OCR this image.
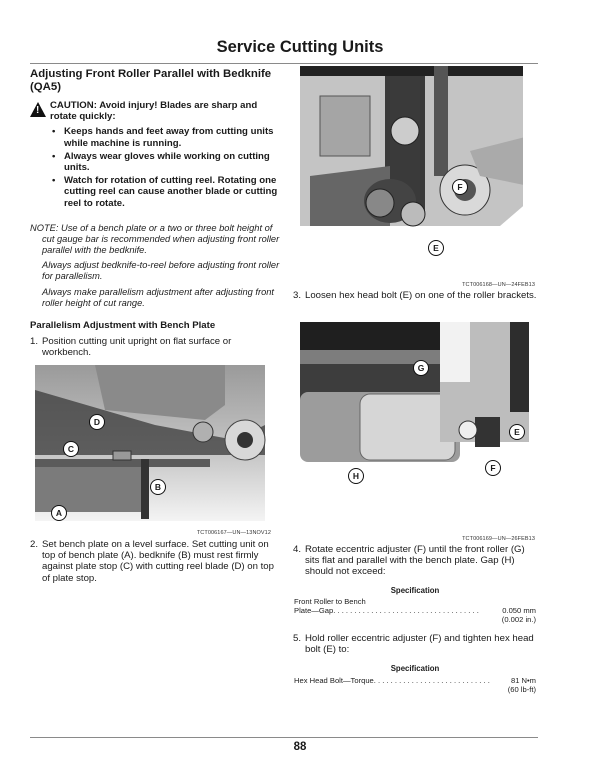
Service Cutting Units
Adjusting Front Roller Parallel with Bedknife (QA5)
!
CAUTION: Avoid injury! Blades are sharp and rotate quickly:
• Keeps hands and feet away from cutting units while machine is running.
• Always wear gloves while working on cutting units.
• Watch for rotation of cutting reel. Rotating one cutting reel can cause another blade or cutting reel to rotate.

NOTE: Use of a bench plate or a two or three bolt height of cut gauge bar is recommended when adjusting front roller parallel with the bedknife.

Always adjust bedknife-to-reel before adjusting front roller for parallelism.

Always make parallelism adjustment after adjusting front roller height of cut range.

Parallelism Adjustment with Bench Plate
1. Position cutting unit upright on flat surface or workbench.
D
C
B
A
TCT006167—UN—13NOV12
2. Set bench plate on a level surface. Set cutting unit on top of bench plate (A). bedknife (B) must rest firmly against plate stop (C) with cutting reel blade (D) on top of plate stop.
F
E
TCT006168—UN—24FEB13
3. Loosen hex head bolt (E) on one of the roller brackets.
G
E
F
H
TCT006169—UN—26FEB13
4. Rotate eccentric adjuster (F) until the front roller (G) sits flat and parallel with the bench plate. Gap (H) should not exceed:
Specification
Front Roller to Bench
Plate—Gap. . . . . . . . . . . . . . . . . . . . . . . . . . . . . . . . . . .	0.050 mm
(0.002 in.)
5. Hold roller eccentric adjuster (F) and tighten hex head bolt (E) to:
Specification
Hex Head Bolt—Torque. . . . . . . . . . . . . . . . . . . . . . . . . . . .	81 N•m
(60 lb-ft)
88
